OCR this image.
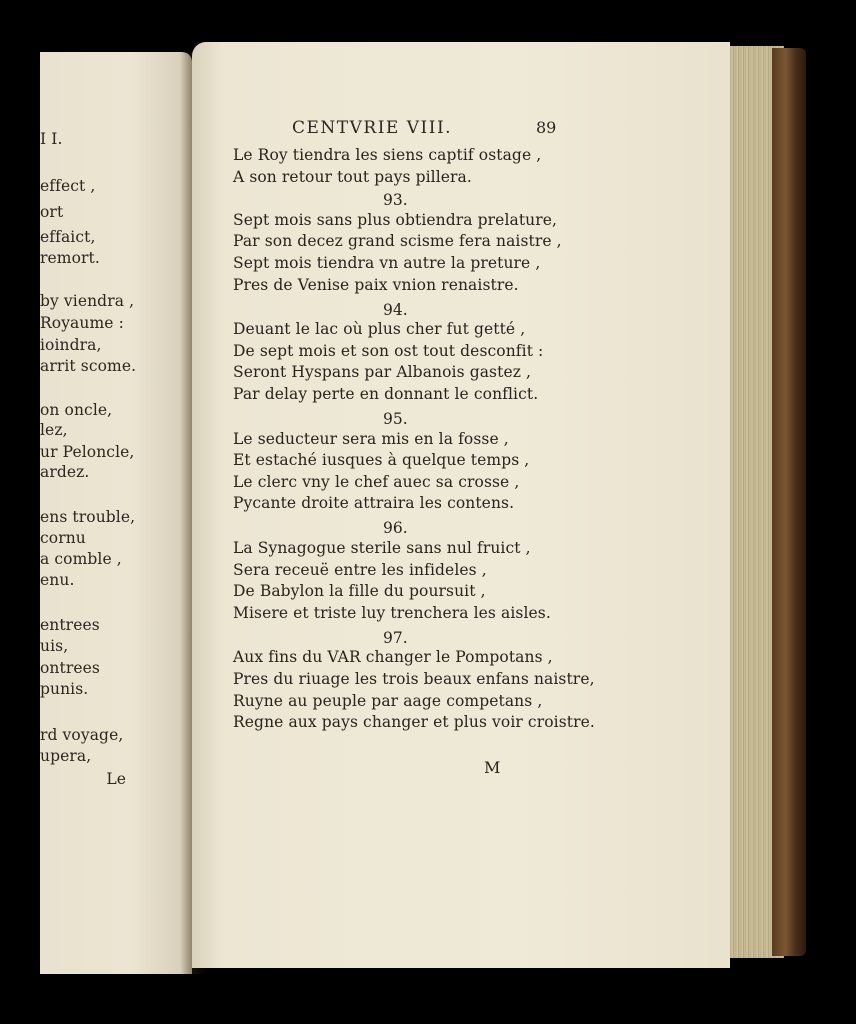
I I.
effect ,
ort
effaict,
remort.
by viendra ,
Royaume :
ioindra,
arrit scome.
on oncle,
lez,
ur Peloncle,
ardez.
ens trouble,
cornu
a comble ,
enu.
entrees
uis,
ontrees
punis.
rd voyage,
upera,
Le
CENTVRIE VIII.	89
Le Roy tiendra les siens captif ostage ,
A son retour tout pays pillera.
93.
Sept mois sans plus obtiendra prelature,
Par son decez grand scisme fera naistre ,
Sept mois tiendra vn autre la preture ,
Pres de Venise paix vnion renaistre.
94.
Deuant le lac où plus cher fut getté ,
De sept mois et son ost tout desconfit :
Seront Hyspans par Albanois gastez ,
Par delay perte en donnant le conflict.
95.
Le seducteur sera mis en la fosse ,
Et estaché iusques à quelque temps ,
Le clerc vny le chef auec sa crosse ,
Pycante droite attraira les contens.
96.
La Synagogue sterile sans nul fruict ,
Sera receuë entre les infideles ,
De Babylon la fille du poursuit ,
Misere et triste luy trenchera les aisles.
97.
Aux fins du VAR changer le Pompotans ,
Pres du riuage les trois beaux enfans naistre,
Ruyne au peuple par aage competans ,
Regne aux pays changer et plus voir croistre.
M
